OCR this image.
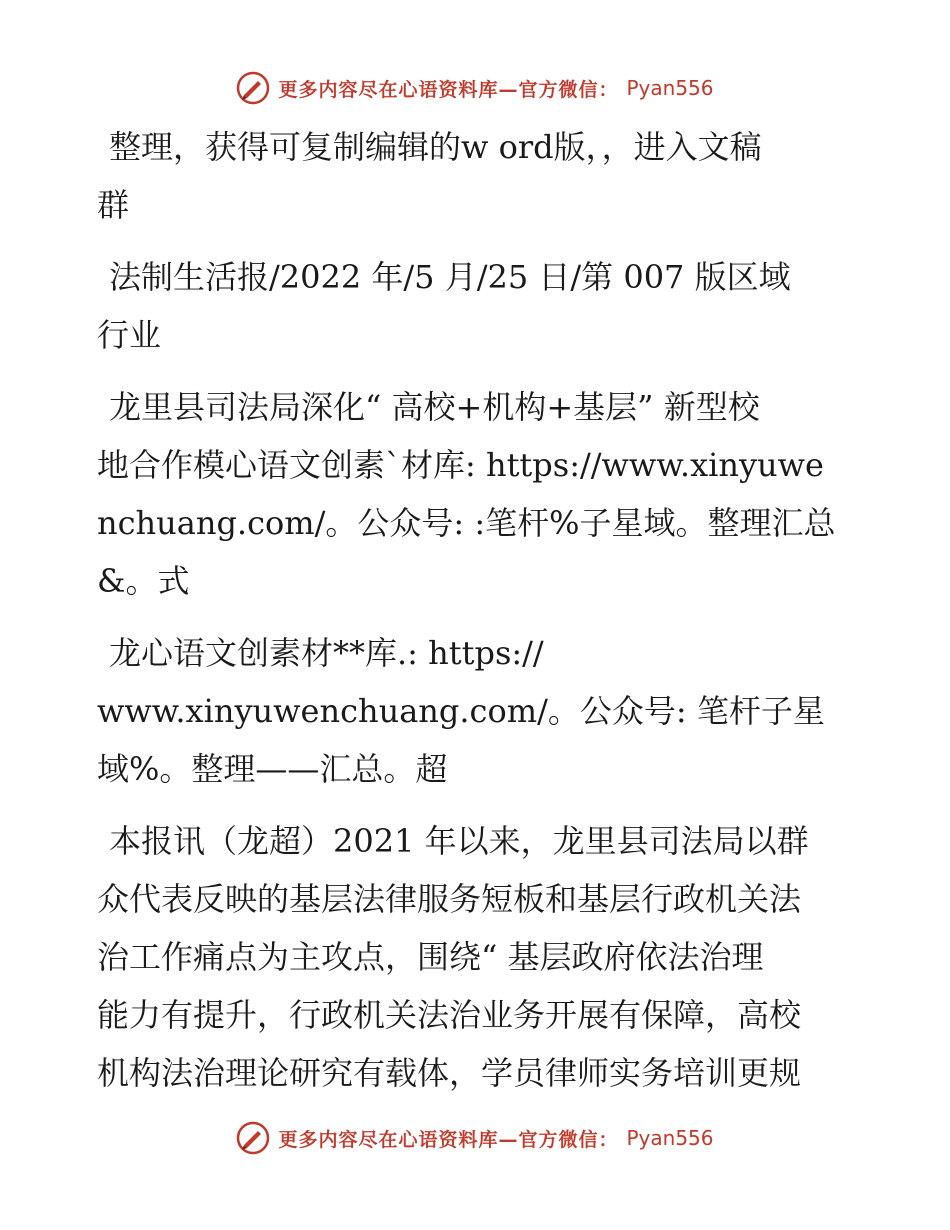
更多内容尽在心语资料库—官方微信： Pyan556

整理，获得可复制编辑的w ord版，，进入文稿
群

法制生活报/2022 年/5 月/25 日/第 007 版区域
行业

龙里县司法局深化“ 高校+机构+基层” 新型校
地合作模心语文创素`材库: https://www.xinyuwe
nchuang.com/。公众号: :笔杆%子星域。整理汇总
&。式

龙心语文创素材**库.: https://
www.xinyuwenchuang.com/。公众号: 笔杆子星
域%。整理——汇总。超

本报讯（龙超）2021 年以来，龙里县司法局以群
众代表反映的基层法律服务短板和基层行政机关法
治工作痛点为主攻点，围绕“ 基层政府依法治理
能力有提升，行政机关法治业务开展有保障，高校
机构法治理论研究有载体，学员律师实务培训更规

更多内容尽在心语资料库—官方微信： Pyan556
